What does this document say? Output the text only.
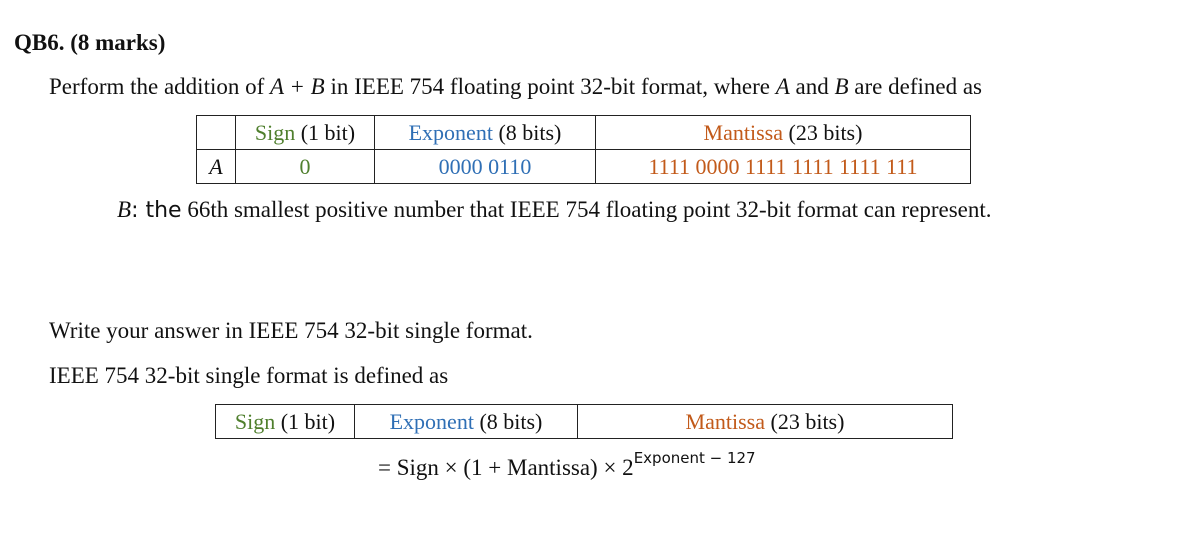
QB6. (8 marks)
Perform the addition of A + B in IEEE 754 floating point 32-bit format, where A and B are defined as
	Sign (1 bit)	Exponent (8 bits)	Mantissa (23 bits)
A	0	0000 0110	1111 0000 1111 1111 1111 111
B: the 66th smallest positive number that IEEE 754 floating point 32-bit format can represent.
Write your answer in IEEE 754 32-bit single format.
IEEE 754 32-bit single format is defined as
Sign (1 bit)	Exponent (8 bits)	Mantissa (23 bits)
= Sign × (1 + Mantissa) × $2^{Exponent - 127}$
